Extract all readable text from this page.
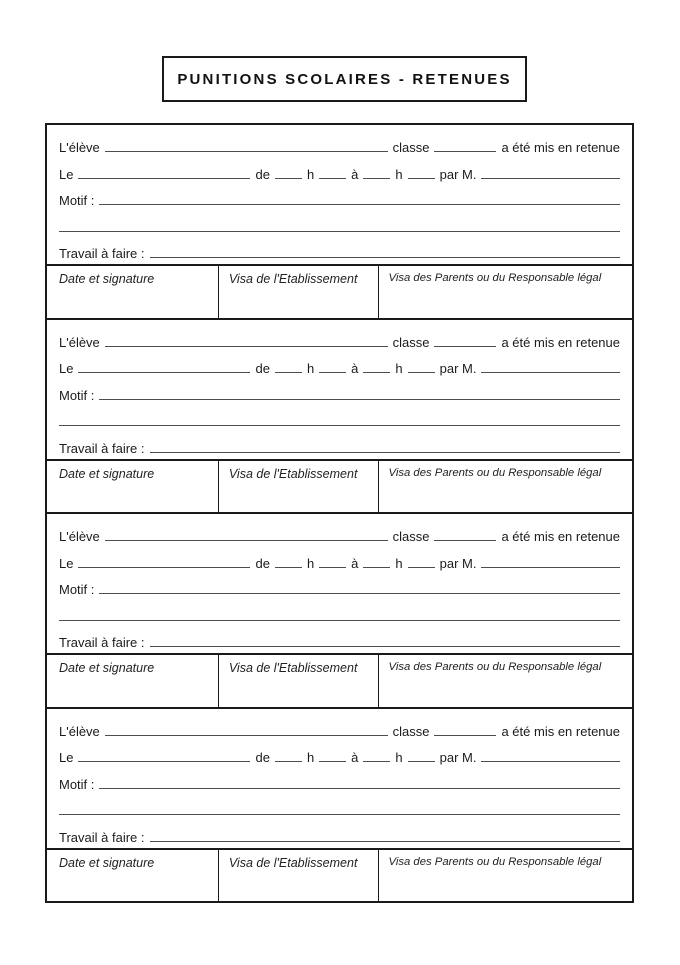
PUNITIONS SCOLAIRES - RETENUES
L'élève	classe	a été mis en retenue
Le	de	h	à	h	par M.
Motif :
Travail à faire :
Date et signature	Visa de l'Etablissement	Visa des Parents ou du Responsable légal
L'élève	classe	a été mis en retenue
Le	de	h	à	h	par M.
Motif :
Travail à faire :
Date et signature	Visa de l'Etablissement	Visa des Parents ou du Responsable légal
L'élève	classe	a été mis en retenue
Le	de	h	à	h	par M.
Motif :
Travail à faire :
Date et signature	Visa de l'Etablissement	Visa des Parents ou du Responsable légal
L'élève	classe	a été mis en retenue
Le	de	h	à	h	par M.
Motif :
Travail à faire :
Date et signature	Visa de l'Etablissement	Visa des Parents ou du Responsable légal
